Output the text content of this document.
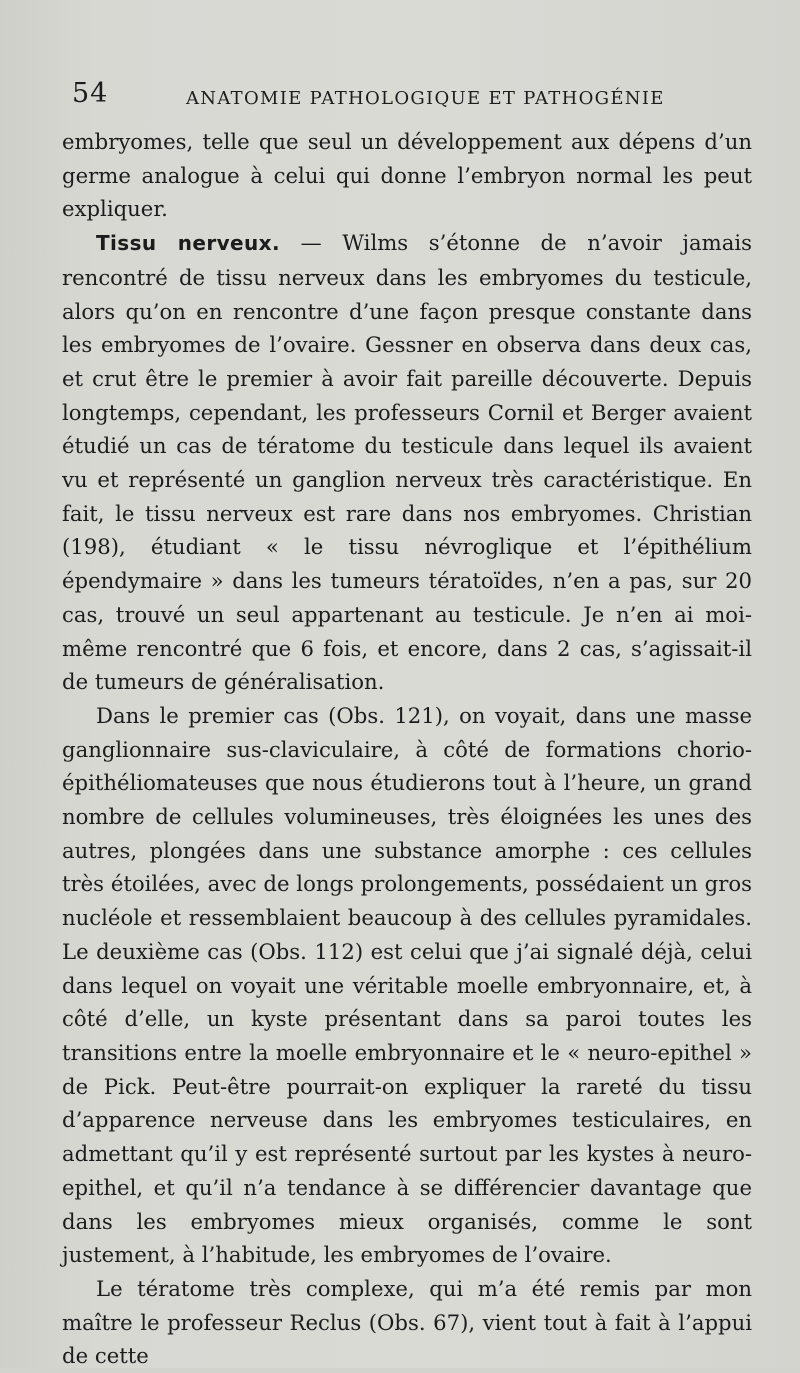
54	ANATOMIE PATHOLOGIQUE ET PATHOGÉNIE

embryomes, telle que seul un développement aux dépens d’un germe analogue à celui qui donne l’embryon normal les peut expliquer.

Tissu nerveux. — Wilms s’étonne de n’avoir jamais rencontré de tissu nerveux dans les embryomes du testicule, alors qu’on en rencontre d’une façon presque constante dans les embryomes de l’ovaire. Gessner en observa dans deux cas, et crut être le premier à avoir fait pareille découverte. Depuis longtemps, cependant, les professeurs Cornil et Berger avaient étudié un cas de tératome du testicule dans lequel ils avaient vu et représenté un ganglion nerveux très caractéristique. En fait, le tissu nerveux est rare dans nos embryomes. Christian (198), étudiant « le tissu névroglique et l’épithélium épendymaire » dans les tumeurs tératoïdes, n’en a pas, sur 20 cas, trouvé un seul appartenant au testicule. Je n’en ai moi-même rencontré que 6 fois, et encore, dans 2 cas, s’agissait-il de tumeurs de généralisation.

Dans le premier cas (Obs. 121), on voyait, dans une masse ganglionnaire sus-claviculaire, à côté de formations chorio-épithéliomateuses que nous étudierons tout à l’heure, un grand nombre de cellules volumineuses, très éloignées les unes des autres, plongées dans une substance amorphe : ces cellules très étoilées, avec de longs prolongements, possédaient un gros nucléole et ressemblaient beaucoup à des cellules pyramidales. Le deuxième cas (Obs. 112) est celui que j’ai signalé déjà, celui dans lequel on voyait une véritable moelle embryonnaire, et, à côté d’elle, un kyste présentant dans sa paroi toutes les transitions entre la moelle embryonnaire et le « neuro-epithel » de Pick. Peut-être pourrait-on expliquer la rareté du tissu d’apparence nerveuse dans les embryomes testiculaires, en admettant qu’il y est représenté surtout par les kystes à neuro-epithel, et qu’il n’a tendance à se différencier davantage que dans les embryomes mieux organisés, comme le sont justement, à l’habitude, les embryomes de l’ovaire.

Le tératome très complexe, qui m’a été remis par mon maître le professeur Reclus (Obs. 67), vient tout à fait à l’appui de cette
